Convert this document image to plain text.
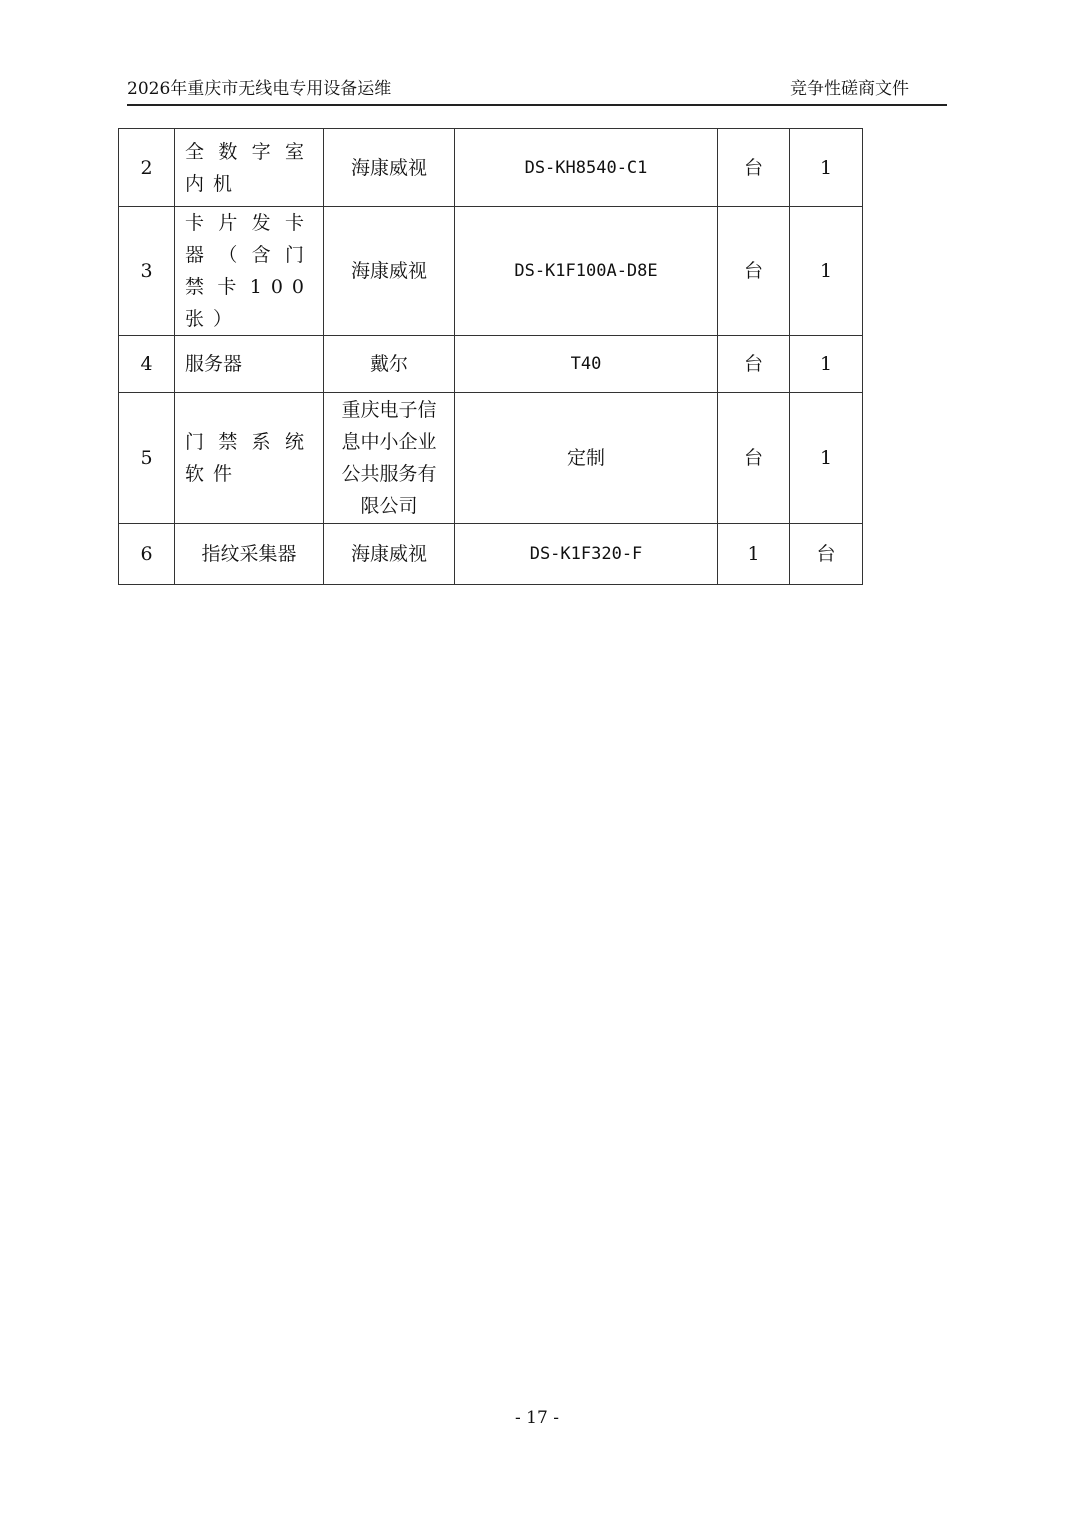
2026年重庆市无线电专用设备运维	竞争性磋商文件
2	全数字室内机	海康威视	DS-KH8540-C1	台	1
3	卡片发卡器（含门禁卡100张）	海康威视	DS-K1F100A-D8E	台	1
4	服务器	戴尔	T40	台	1
5	门禁系统软件	重庆电子信息中小企业公共服务有限公司	定制	台	1
6	指纹采集器	海康威视	DS-K1F320-F	1	台
- 17 -
